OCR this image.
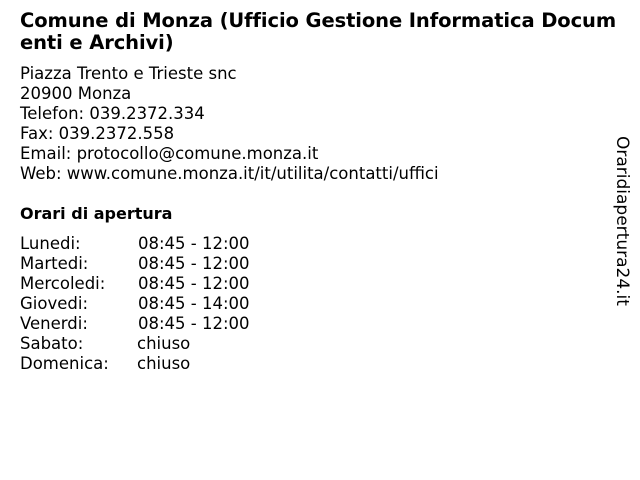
Comune di Monza (Ufficio Gestione Informatica Documenti e Archivi)
Piazza Trento e Trieste snc
20900 Monza
Telefon: 039.2372.334
Fax: 039.2372.558
Email: protocollo@comune.monza.it
Web: www.comune.monza.it/it/utilita/contatti/uffici
Orari di apertura
Lunedi:	08:45 - 12:00
Martedi:	08:45 - 12:00
Mercoledi: 08:45 - 12:00
Giovedi:	08:45 - 14:00
Venerdi:	08:45 - 12:00
Sabato:	chiuso
Domenica: chiuso
Oraridiapertura24.it
